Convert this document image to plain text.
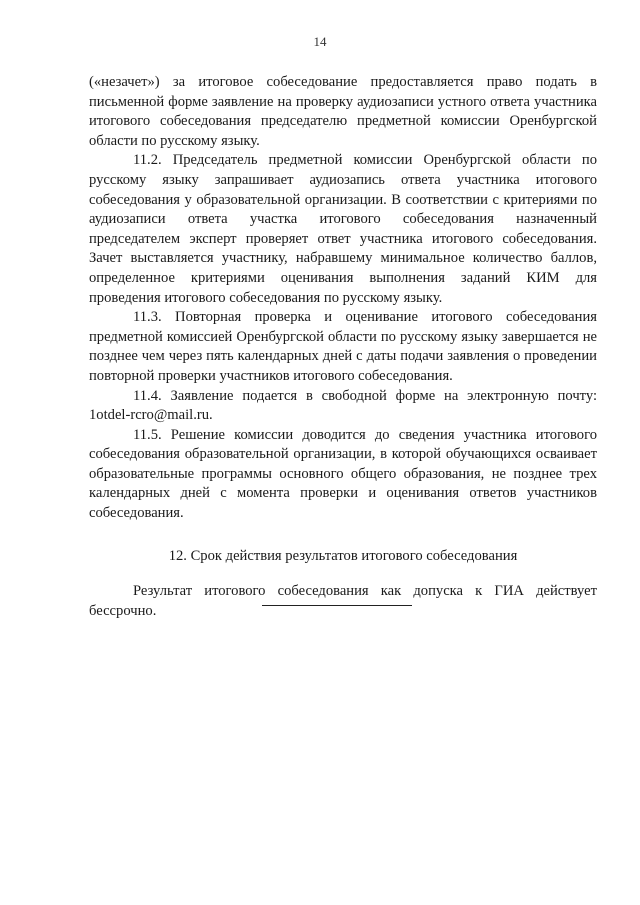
14

(«незачет») за итоговое собеседование предоставляется право подать в письменной форме заявление на проверку аудиозаписи устного ответа участника итогового собеседования председателю предметной комиссии Оренбургской области по русскому языку.

11.2. Председатель предметной комиссии Оренбургской области по русскому языку запрашивает аудиозапись ответа участника итогового собеседования у образовательной организации. В соответствии с критериями по аудиозаписи ответа участка итогового собеседования назначенный председателем эксперт проверяет ответ участника итогового собеседования. Зачет выставляется участнику, набравшему минимальное количество баллов, определенное критериями оценивания выполнения заданий КИМ для проведения итогового собеседования по русскому языку.

11.3. Повторная проверка и оценивание итогового собеседования предметной комиссией Оренбургской области по русскому языку завершается не позднее чем через пять календарных дней с даты подачи заявления о проведении повторной проверки участников итогового собеседования.

11.4. Заявление подается в свободной форме на электронную почту: 1otdel-rcro@mail.ru.

11.5. Решение комиссии доводится до сведения участника итогового собеседования образовательной организации, в которой обучающихся осваивает образовательные программы основного общего образования, не позднее трех календарных дней с момента проверки и оценивания ответов участников собеседования.

12. Срок действия результатов итогового собеседования

Результат итогового собеседования как допуска к ГИА действует бессрочно.
